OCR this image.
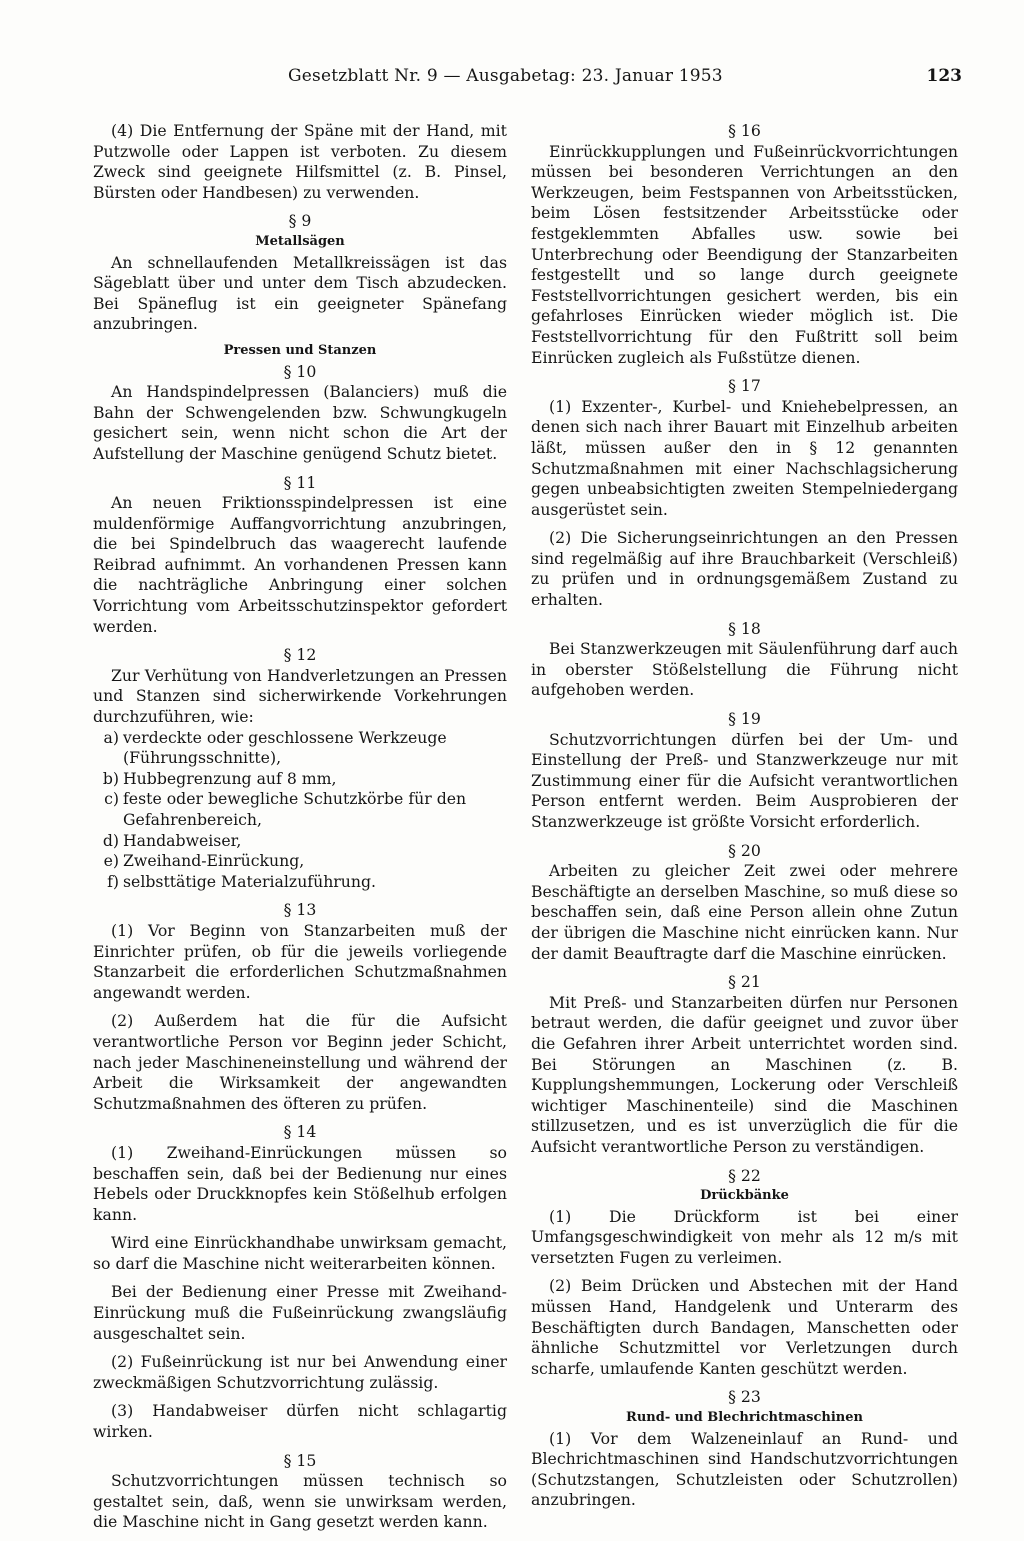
Gesetzblatt Nr. 9 — Ausgabetag: 23. Januar 1953	123

(4) Die Entfernung der Späne mit der Hand, mit Putzwolle oder Lappen ist verboten. Zu diesem Zweck sind geeignete Hilfsmittel (z. B. Pinsel, Bürsten oder Handbesen) zu verwenden.

§ 9
Metallsägen

An schnellaufenden Metallkreissägen ist das Sägeblatt über und unter dem Tisch abzudecken. Bei Späneflug ist ein geeigneter Spänefang anzubringen.

Pressen und Stanzen
§ 10

An Handspindelpressen (Balanciers) muß die Bahn der Schwengelenden bzw. Schwungkugeln gesichert sein, wenn nicht schon die Art der Aufstellung der Maschine genügend Schutz bietet.

§ 11

An neuen Friktionsspindelpressen ist eine muldenförmige Auffangvorrichtung anzubringen, die bei Spindelbruch das waagerecht laufende Reibrad aufnimmt. An vorhandenen Pressen kann die nachträgliche Anbringung einer solchen Vorrichtung vom Arbeitsschutzinspektor gefordert werden.

§ 12

Zur Verhütung von Handverletzungen an Pressen und Stanzen sind sicherwirkende Vorkehrungen durchzuführen, wie:

a) verdeckte oder geschlossene Werkzeuge (Führungsschnitte),
b) Hubbegrenzung auf 8 mm,
c) feste oder bewegliche Schutzkörbe für den Gefahrenbereich,
d) Handabweiser,
e) Zweihand-Einrückung,
f) selbsttätige Materialzuführung.
§ 13

(1) Vor Beginn von Stanzarbeiten muß der Einrichter prüfen, ob für die jeweils vorliegende Stanzarbeit die erforderlichen Schutzmaßnahmen angewandt werden.

(2) Außerdem hat die für die Aufsicht verantwortliche Person vor Beginn jeder Schicht, nach jeder Maschineneinstellung und während der Arbeit die Wirksamkeit der angewandten Schutzmaßnahmen des öfteren zu prüfen.

§ 14

(1) Zweihand-Einrückungen müssen so beschaffen sein, daß bei der Bedienung nur eines Hebels oder Druckknopfes kein Stößelhub erfolgen kann.

Wird eine Einrückhandhabe unwirksam gemacht, so darf die Maschine nicht weiterarbeiten können.

Bei der Bedienung einer Presse mit Zweihand-Einrückung muß die Fußeinrückung zwangsläufig ausgeschaltet sein.

(2) Fußeinrückung ist nur bei Anwendung einer zweckmäßigen Schutzvorrichtung zulässig.

(3) Handabweiser dürfen nicht schlagartig wirken.

§ 15

Schutzvorrichtungen müssen technisch so gestaltet sein, daß, wenn sie unwirksam werden, die Maschine nicht in Gang gesetzt werden kann.

§ 16

Einrückkupplungen und Fußeinrückvorrichtungen müssen bei besonderen Verrichtungen an den Werkzeugen, beim Festspannen von Arbeitsstücken, beim Lösen festsitzender Arbeitsstücke oder festgeklemmten Abfalles usw. sowie bei Unterbrechung oder Beendigung der Stanzarbeiten festgestellt und so lange durch geeignete Feststellvorrichtungen gesichert werden, bis ein gefahrloses Einrücken wieder möglich ist. Die Feststellvorrichtung für den Fußtritt soll beim Einrücken zugleich als Fußstütze dienen.

§ 17

(1) Exzenter-, Kurbel- und Kniehebelpressen, an denen sich nach ihrer Bauart mit Einzelhub arbeiten läßt, müssen außer den in § 12 genannten Schutzmaßnahmen mit einer Nachschlagsicherung gegen unbeabsichtigten zweiten Stempelniedergang ausgerüstet sein.

(2) Die Sicherungseinrichtungen an den Pressen sind regelmäßig auf ihre Brauchbarkeit (Verschleiß) zu prüfen und in ordnungsgemäßem Zustand zu erhalten.

§ 18

Bei Stanzwerkzeugen mit Säulenführung darf auch in oberster Stößelstellung die Führung nicht aufgehoben werden.

§ 19

Schutzvorrichtungen dürfen bei der Um- und Einstellung der Preß- und Stanzwerkzeuge nur mit Zustimmung einer für die Aufsicht verantwortlichen Person entfernt werden. Beim Ausprobieren der Stanzwerkzeuge ist größte Vorsicht erforderlich.

§ 20

Arbeiten zu gleicher Zeit zwei oder mehrere Beschäftigte an derselben Maschine, so muß diese so beschaffen sein, daß eine Person allein ohne Zutun der übrigen die Maschine nicht einrücken kann. Nur der damit Beauftragte darf die Maschine einrücken.

§ 21

Mit Preß- und Stanzarbeiten dürfen nur Personen betraut werden, die dafür geeignet und zuvor über die Gefahren ihrer Arbeit unterrichtet worden sind. Bei Störungen an Maschinen (z. B. Kupplungshemmungen, Lockerung oder Verschleiß wichtiger Maschinenteile) sind die Maschinen stillzusetzen, und es ist unverzüglich die für die Aufsicht verantwortliche Person zu verständigen.

§ 22
Drückbänke

(1) Die Drückform ist bei einer Umfangsgeschwindigkeit von mehr als 12 m/s mit versetzten Fugen zu verleimen.

(2) Beim Drücken und Abstechen mit der Hand müssen Hand, Handgelenk und Unterarm des Beschäftigten durch Bandagen, Manschetten oder ähnliche Schutzmittel vor Verletzungen durch scharfe, umlaufende Kanten geschützt werden.

§ 23
Rund- und Blechrichtmaschinen

(1) Vor dem Walzeneinlauf an Rund- und Blechrichtmaschinen sind Handschutzvorrichtungen (Schutzstangen, Schutzleisten oder Schutzrollen) anzubringen.
